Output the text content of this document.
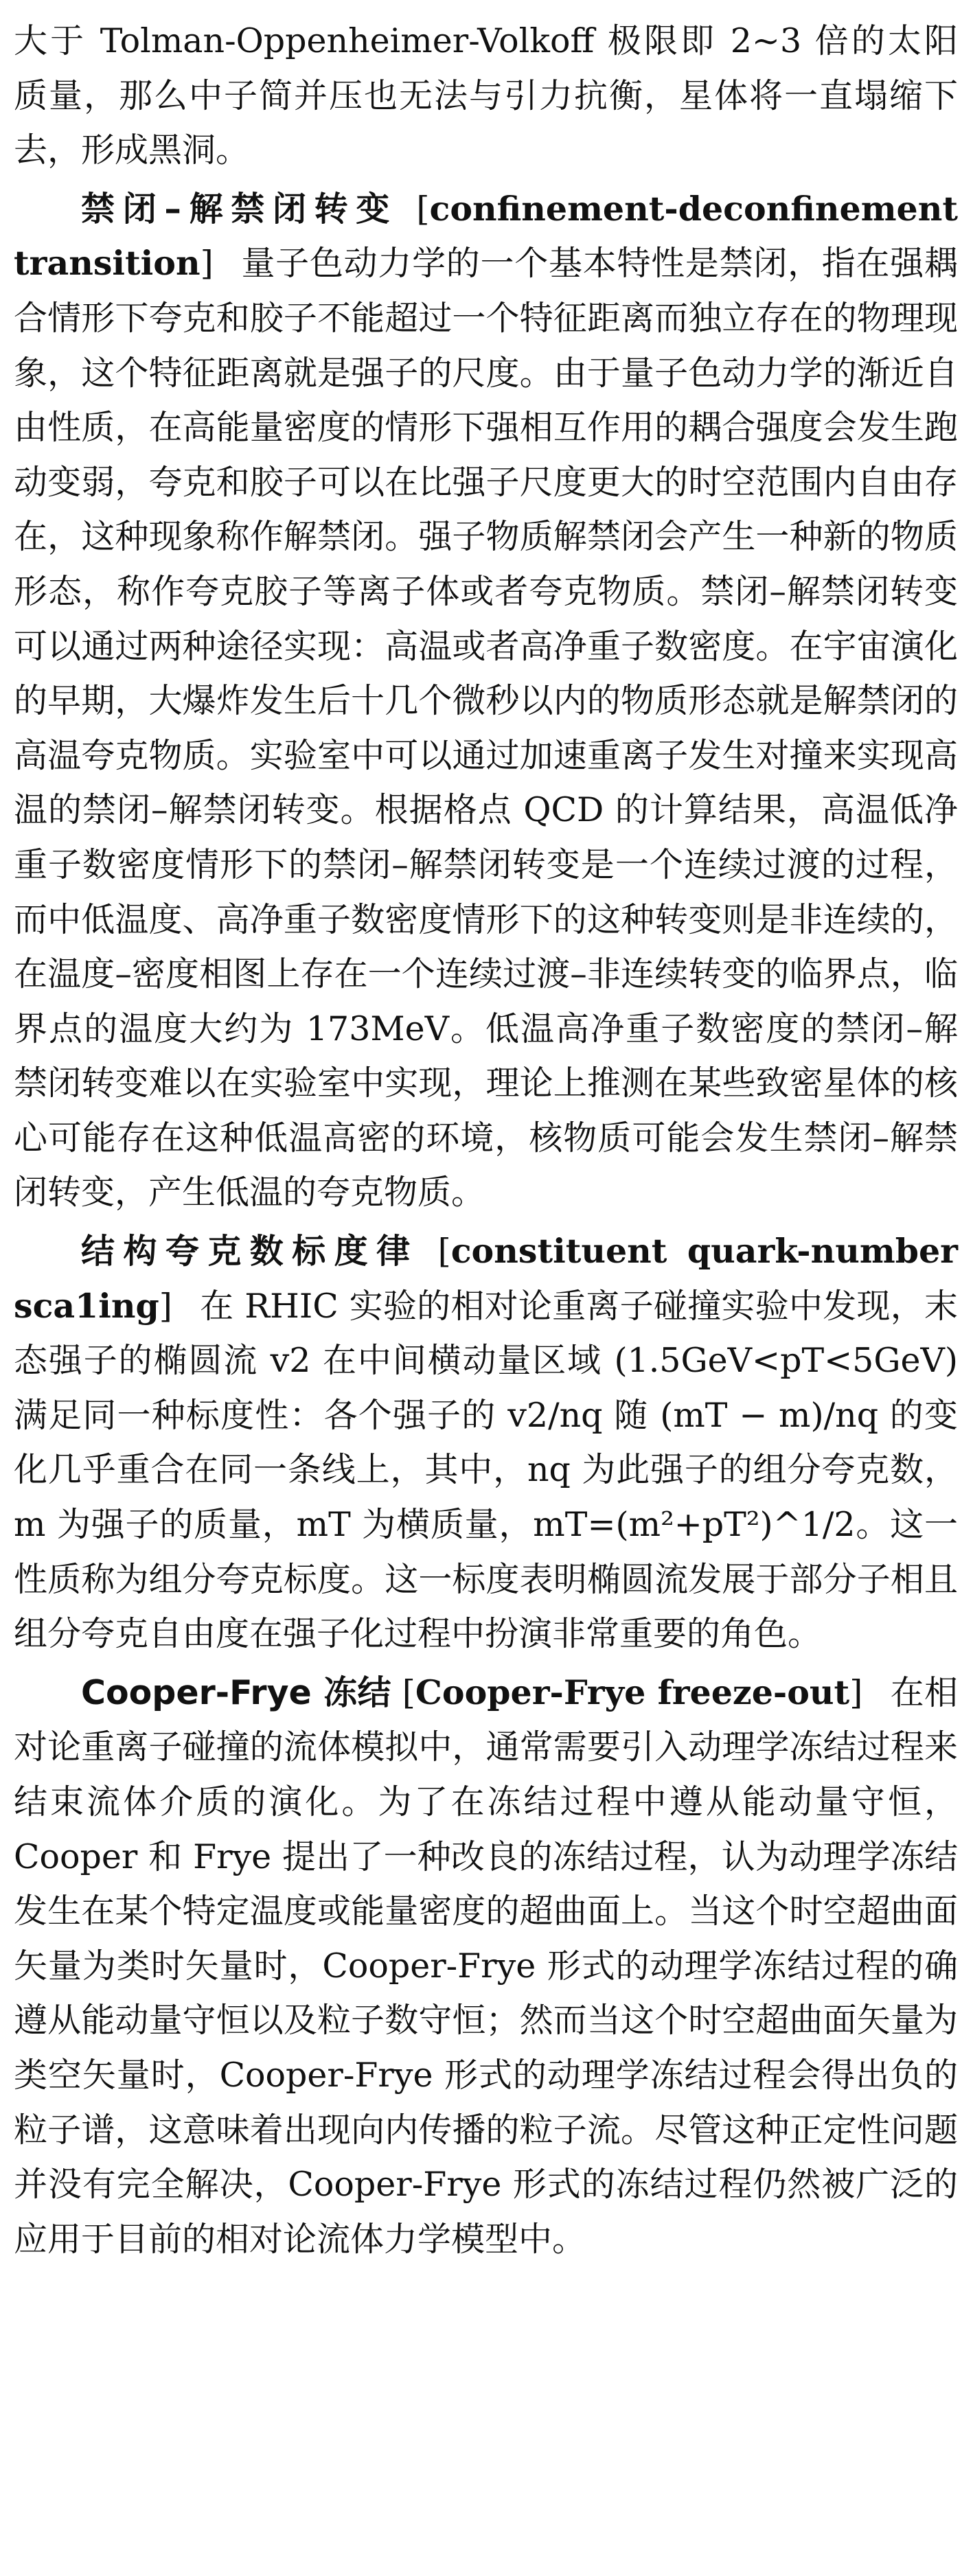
大于 Tolman-Oppenheimer-Volkoff 极限即 2∼3 倍的太阳质量，那么中子简并压也无法与引力抗衡，星体将一直塌缩下去，形成黑洞。

禁闭–解禁闭转变 [confinement-deconfinement transition] 量子色动力学的一个基本特性是禁闭，指在强耦合情形下夸克和胶子不能超过一个特征距离而独立存在的物理现象，这个特征距离就是强子的尺度。由于量子色动力学的渐近自由性质，在高能量密度的情形下强相互作用的耦合强度会发生跑动变弱，夸克和胶子可以在比强子尺度更大的时空范围内自由存在，这种现象称作解禁闭。强子物质解禁闭会产生一种新的物质形态，称作夸克胶子等离子体或者夸克物质。禁闭–解禁闭转变可以通过两种途径实现：高温或者高净重子数密度。在宇宙演化的早期，大爆炸发生后十几个微秒以内的物质形态就是解禁闭的高温夸克物质。实验室中可以通过加速重离子发生对撞来实现高温的禁闭–解禁闭转变。根据格点 QCD 的计算结果，高温低净重子数密度情形下的禁闭–解禁闭转变是一个连续过渡的过程，而中低温度、高净重子数密度情形下的这种转变则是非连续的，在温度–密度相图上存在一个连续过渡–非连续转变的临界点，临界点的温度大约为 173MeV。低温高净重子数密度的禁闭–解禁闭转变难以在实验室中实现，理论上推测在某些致密星体的核心可能存在这种低温高密的环境，核物质可能会发生禁闭–解禁闭转变，产生低温的夸克物质。

结构夸克数标度律 [constituent quark-number sca1ing] 在 RHIC 实验的相对论重离子碰撞实验中发现，末态强子的椭圆流 v2 在中间横动量区域 (1.5GeV<pT<5GeV) 满足同一种标度性：各个强子的 v2/nq 随 (mT − m)/nq 的变化几乎重合在同一条线上，其中，nq 为此强子的组分夸克数，m 为强子的质量，mT 为横质量，mT=(m²+pT²)^1/2。这一性质称为组分夸克标度。这一标度表明椭圆流发展于部分子相且组分夸克自由度在强子化过程中扮演非常重要的角色。

Cooper-Frye 冻结 [Cooper-Frye freeze-out] 在相对论重离子碰撞的流体模拟中，通常需要引入动理学冻结过程来结束流体介质的演化。为了在冻结过程中遵从能动量守恒，Cooper 和 Frye 提出了一种改良的冻结过程，认为动理学冻结发生在某个特定温度或能量密度的超曲面上。当这个时空超曲面矢量为类时矢量时，Cooper-Frye 形式的动理学冻结过程的确遵从能动量守恒以及粒子数守恒；然而当这个时空超曲面矢量为类空矢量时，Cooper-Frye 形式的动理学冻结过程会得出负的粒子谱，这意味着出现向内传播的粒子流。尽管这种正定性问题并没有完全解决，Cooper-Frye 形式的冻结过程仍然被广泛的应用于目前的相对论流体力学模型中。
